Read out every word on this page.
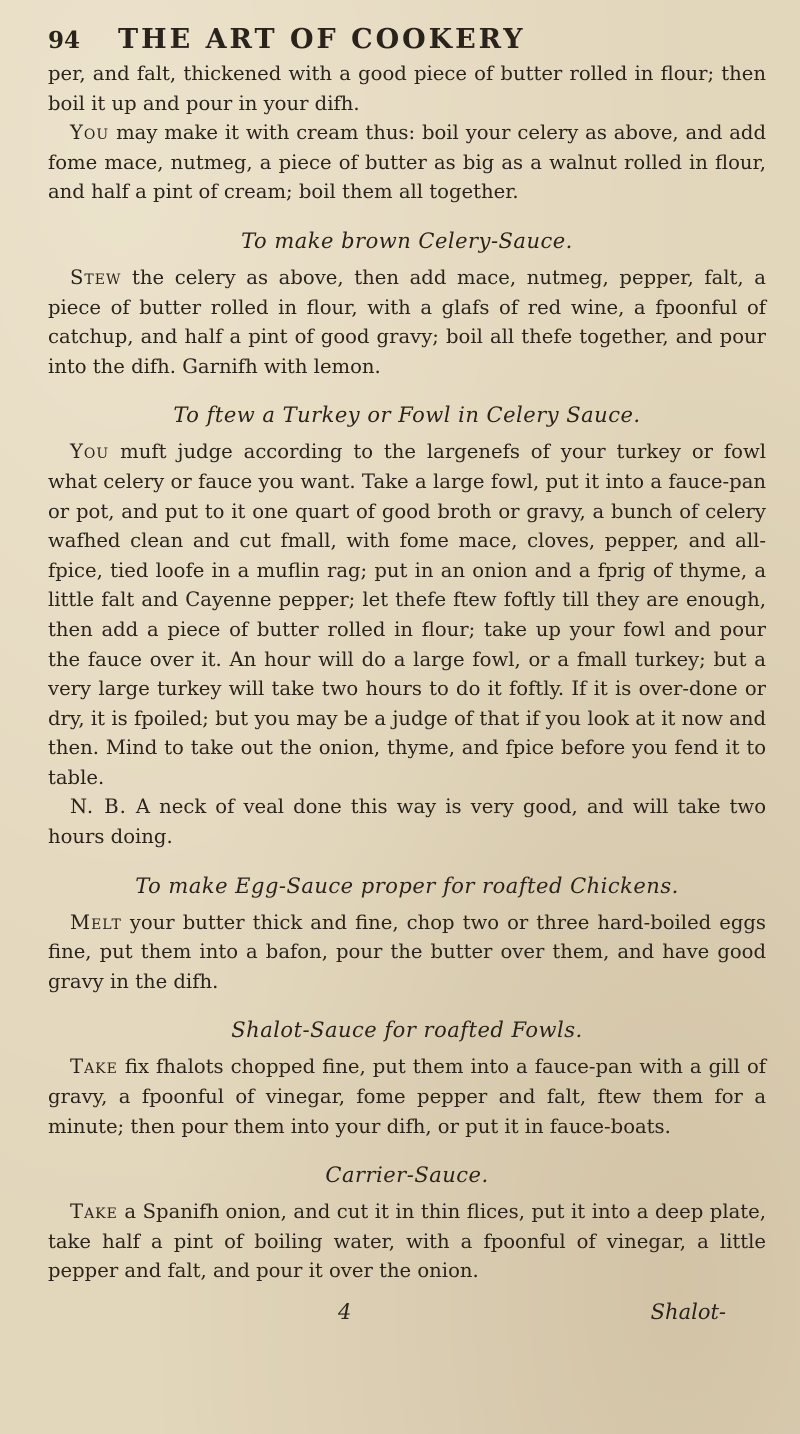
94	THE ART OF COOKERY

per, and falt, thickened with a good piece of butter rolled in flour; then boil it up and pour in your difh.

You may make it with cream thus: boil your celery as above, and add fome mace, nutmeg, a piece of butter as big as a walnut rolled in flour, and half a pint of cream; boil them all together.

To make brown Celery-Sauce.

Stew the celery as above, then add mace, nutmeg, pepper, falt, a piece of butter rolled in flour, with a glafs of red wine, a fpoonful of catchup, and half a pint of good gravy; boil all thefe together, and pour into the difh. Garnifh with lemon.

To ftew a Turkey or Fowl in Celery Sauce.

You muft judge according to the largenefs of your turkey or fowl what celery or fauce you want. Take a large fowl, put it into a fauce-pan or pot, and put to it one quart of good broth or gravy, a bunch of celery wafhed clean and cut fmall, with fome mace, cloves, pepper, and all-fpice, tied loofe in a muflin rag; put in an onion and a fprig of thyme, a little falt and Cayenne pepper; let thefe ftew foftly till they are enough, then add a piece of butter rolled in flour; take up your fowl and pour the fauce over it. An hour will do a large fowl, or a fmall turkey; but a very large turkey will take two hours to do it foftly. If it is over-done or dry, it is fpoiled; but you may be a judge of that if you look at it now and then. Mind to take out the onion, thyme, and fpice before you fend it to table.

N. B. A neck of veal done this way is very good, and will take two hours doing.

To make Egg-Sauce proper for roafted Chickens.

Melt your butter thick and fine, chop two or three hard-boiled eggs fine, put them into a bafon, pour the butter over them, and have good gravy in the difh.

Shalot-Sauce for roafted Fowls.

Take fix fhalots chopped fine, put them into a fauce-pan with a gill of gravy, a fpoonful of vinegar, fome pepper and falt, ftew them for a minute; then pour them into your difh, or put it in fauce-boats.

Carrier-Sauce.

Take a Spanifh onion, and cut it in thin flices, put it into a deep plate, take half a pint of boiling water, with a fpoonful of vinegar, a little pepper and falt, and pour it over the onion.

4	Shalot-
